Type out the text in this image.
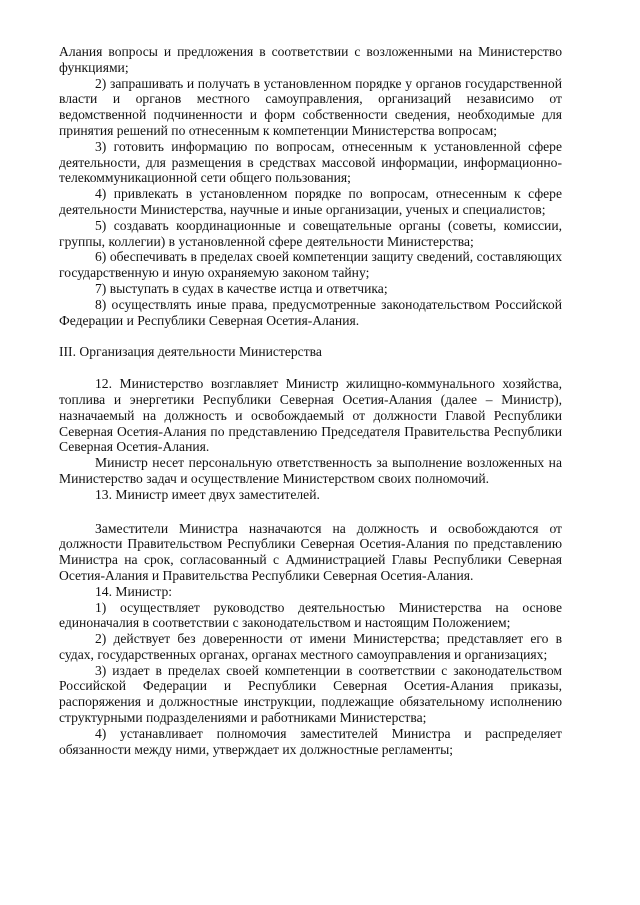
Алания вопросы и предложения в соответствии с возложенными на Министерство функциями;

2) запрашивать и получать в установленном порядке у органов государственной власти и органов местного самоуправления, организаций независимо от ведомственной подчиненности и форм собственности сведения, необходимые для принятия решений по отнесенным к компетенции Министерства вопросам;

3) готовить информацию по вопросам, отнесенным к установленной сфере деятельности, для размещения в средствах массовой информации, информационно-телекоммуникационной сети общего пользования;

4) привлекать в установленном порядке по вопросам, отнесенным к сфере деятельности Министерства, научные и иные организации, ученых и специалистов;

5) создавать координационные и совещательные органы (советы, комиссии, группы, коллегии) в установленной сфере деятельности Министерства;

6) обеспечивать в пределах своей компетенции защиту сведений, составляющих государственную и иную охраняемую законом тайну;

7) выступать в судах в качестве истца и ответчика;

8) осуществлять иные права, предусмотренные законодательством Российской Федерации и Республики Северная Осетия-Алания.

III. Организация деятельности Министерства

12. Министерство возглавляет Министр жилищно-коммунального хозяйства, топлива и энергетики Республики Северная Осетия-Алания (далее – Министр), назначаемый на должность и освобождаемый от должности Главой Республики Северная Осетия-Алания по представлению Председателя Правительства Республики Северная Осетия-Алания.

Министр несет персональную ответственность за выполнение возложенных на Министерство задач и осуществление Министерством своих полномочий.

13. Министр имеет двух заместителей.

Заместители Министра назначаются на должность и освобождаются от должности Правительством Республики Северная Осетия-Алания по представлению Министра на срок, согласованный с Администрацией Главы Республики Северная Осетия-Алания и Правительства Республики Северная Осетия-Алания.

14. Министр:

1) осуществляет руководство деятельностью Министерства на основе единоначалия в соответствии с законодательством и настоящим Положением;

2) действует без доверенности от имени Министерства; представляет его в судах, государственных органах, органах местного самоуправления и организациях;

3) издает в пределах своей компетенции в соответствии с законодательством Российской Федерации и Республики Северная Осетия-Алания приказы, распоряжения и должностные инструкции, подлежащие обязательному исполнению структурными подразделениями и работниками Министерства;

4) устанавливает полномочия заместителей Министра и распределяет обязанности между ними, утверждает их должностные регламенты;
